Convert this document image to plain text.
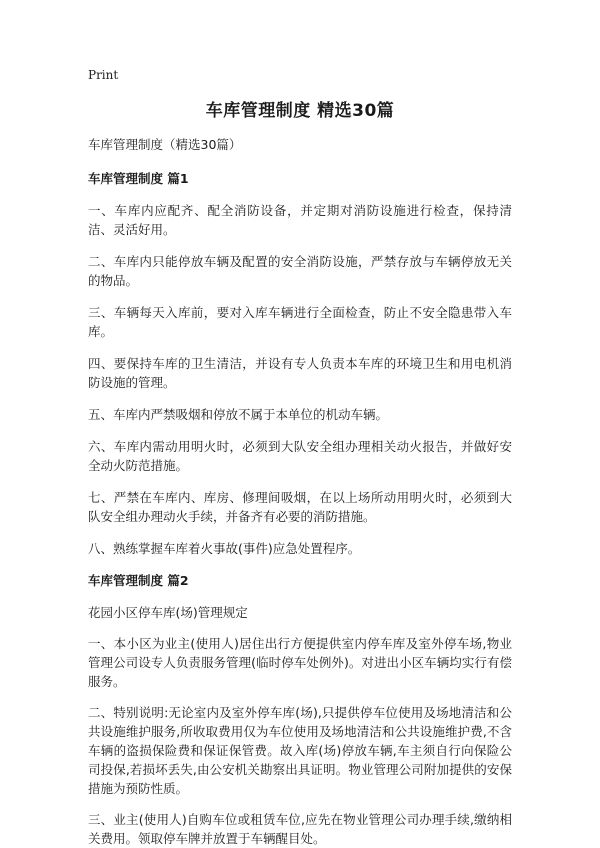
Print
车库管理制度 精选30篇
车库管理制度（精选30篇）
车库管理制度 篇1

一、车库内应配齐、配全消防设备，并定期对消防设施进行检查，保持清洁、灵活好用。

二、车库内只能停放车辆及配置的安全消防设施，严禁存放与车辆停放无关的物品。

三、车辆每天入库前，要对入库车辆进行全面检查，防止不安全隐患带入车库。

四、要保持车库的卫生清洁，并设有专人负责本车库的环境卫生和用电机消防设施的管理。

五、车库内严禁吸烟和停放不属于本单位的机动车辆。

六、车库内需动用明火时，必须到大队安全组办理相关动火报告，并做好安全动火防范措施。

七、严禁在车库内、库房、修理间吸烟，在以上场所动用明火时，必须到大队安全组办理动火手续，并备齐有必要的消防措施。

八、熟练掌握车库着火事故(事件)应急处置程序。

车库管理制度 篇2

花园小区停车库(场)管理规定

一、本小区为业主(使用人)居住出行方便提供室内停车库及室外停车场,物业管理公司设专人负责服务管理(临时停车处例外)。对进出小区车辆均实行有偿服务。

二、特别说明:无论室内及室外停车库(场),只提供停车位使用及场地清洁和公共设施维护服务,所收取费用仅为车位使用及场地清洁和公共设施维护费,不含车辆的盗损保险费和保证保管费。故入库(场)停放车辆,车主须自行向保险公司投保,若损坏丢失,由公安机关勘察出具证明。物业管理公司附加提供的安保措施为预防性质。

三、业主(使用人)自购车位或租赁车位,应先在物业管理公司办理手续,缴纳相关费用。领取停车牌并放置于车辆醒目处。
